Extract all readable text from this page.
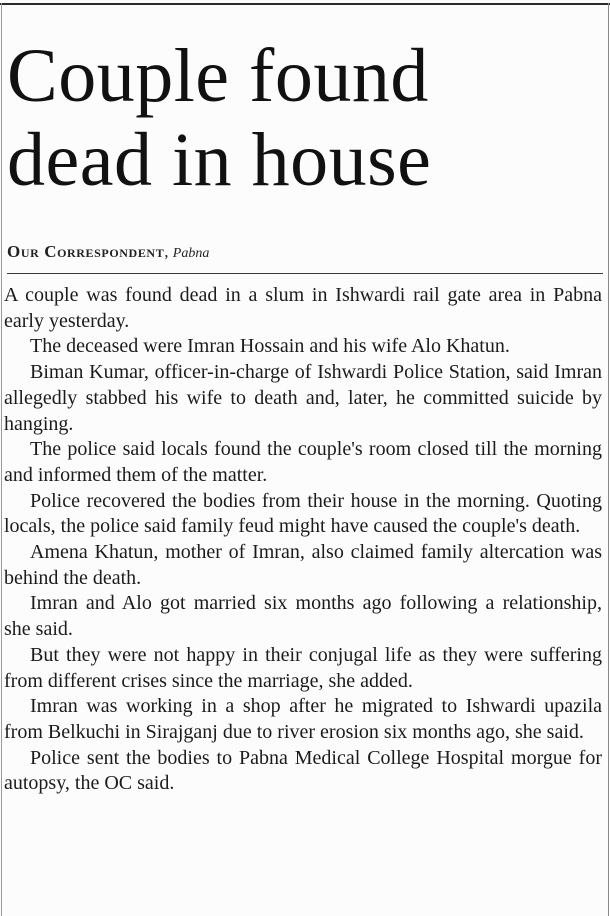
Couple found
dead in house
Our Correspondent, Pabna

A couple was found dead in a slum in Ishwardi rail gate area in Pabna early yesterday.

The deceased were Imran Hossain and his wife Alo Khatun.

Biman Kumar, officer-in-charge of Ishwardi Police Station, said Imran allegedly stabbed his wife to death and, later, he committed suicide by hanging.

The police said locals found the couple's room closed till the morning and informed them of the matter.

Police recovered the bodies from their house in the morning. Quoting locals, the police said family feud might have caused the couple's death.

Amena Khatun, mother of Imran, also claimed family altercation was behind the death.

Imran and Alo got married six months ago following a relationship, she said.

But they were not happy in their conjugal life as they were suffering from different crises since the marriage, she added.

Imran was working in a shop after he migrated to Ishwardi upazila from Belkuchi in Sirajganj due to river erosion six months ago, she said.

Police sent the bodies to Pabna Medical College Hospital morgue for autopsy, the OC said.
